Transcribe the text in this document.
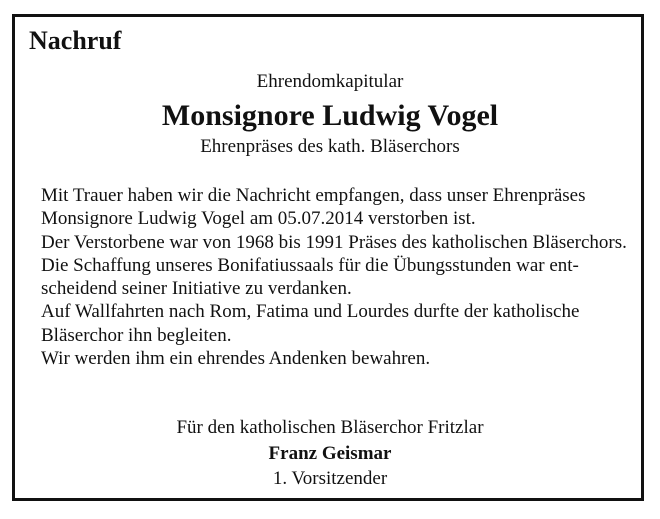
Nachruf
Ehrendomkapitular
Monsignore Ludwig Vogel
Ehrenpräses des kath. Bläserchors
Mit Trauer haben wir die Nachricht empfangen, dass unser Ehrenpräses
Monsignore Ludwig Vogel am 05.07.2014 verstorben ist.
Der Verstorbene war von 1968 bis 1991 Präses des katholischen Bläserchors.
Die Schaffung unseres Bonifatiussaals für die Übungsstunden war ent-
scheidend seiner Initiative zu verdanken.
Auf Wallfahrten nach Rom, Fatima und Lourdes durfte der katholische
Bläserchor ihn begleiten.
Wir werden ihm ein ehrendes Andenken bewahren.
Für den katholischen Bläserchor Fritzlar
Franz Geismar
1. Vorsitzender
